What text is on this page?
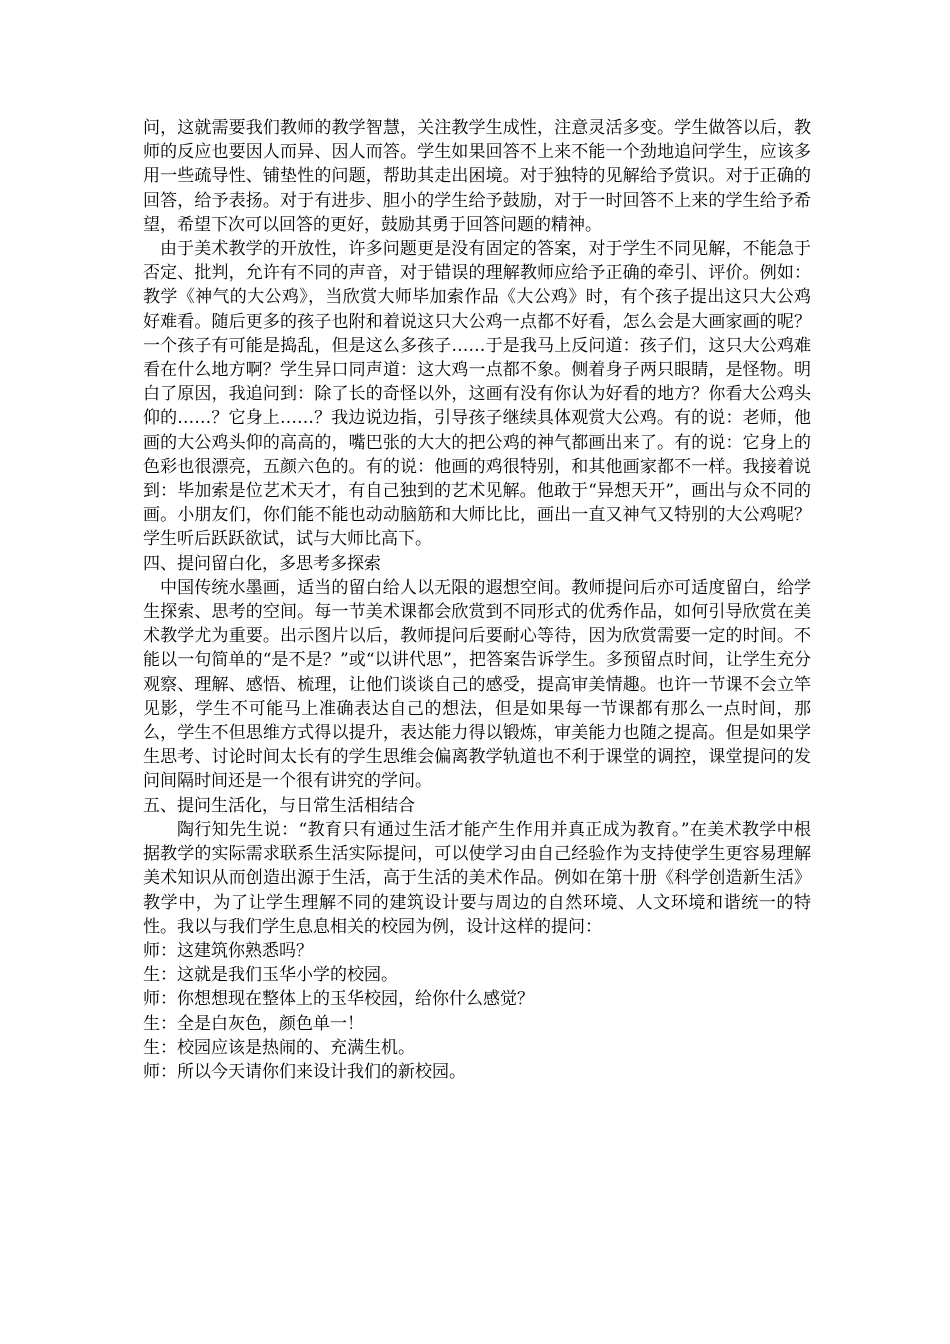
问，这就需要我们教师的教学智慧，关注教学生成性，注意灵活多变。学生做答以后，教师的反应也要因人而异、因人而答。学生如果回答不上来不能一个劲地追问学生，应该多用一些疏导性、铺垫性的问题，帮助其走出困境。对于独特的见解给予赏识。对于正确的回答，给予表扬。对于有进步、胆小的学生给予鼓励，对于一时回答不上来的学生给予希望，希望下次可以回答的更好，鼓励其勇于回答问题的精神。

由于美术教学的开放性，许多问题更是没有固定的答案，对于学生不同见解，不能急于否定、批判，允许有不同的声音，对于错误的理解教师应给予正确的牵引、评价。例如：教学《神气的大公鸡》，当欣赏大师毕加索作品《大公鸡》时，有个孩子提出这只大公鸡好难看。随后更多的孩子也附和着说这只大公鸡一点都不好看，怎么会是大画家画的呢？一个孩子有可能是捣乱，但是这么多孩子……于是我马上反问道：孩子们，这只大公鸡难看在什么地方啊？学生异口同声道：这大鸡一点都不象。侧着身子两只眼睛，是怪物。明白了原因，我追问到：除了长的奇怪以外，这画有没有你认为好看的地方？你看大公鸡头仰的……？它身上……？我边说边指，引导孩子继续具体观赏大公鸡。有的说：老师，他画的大公鸡头仰的高高的，嘴巴张的大大的把公鸡的神气都画出来了。有的说：它身上的色彩也很漂亮，五颜六色的。有的说：他画的鸡很特别，和其他画家都不一样。我接着说到：毕加索是位艺术天才，有自己独到的艺术见解。他敢于“异想天开”，画出与众不同的画。小朋友们，你们能不能也动动脑筋和大师比比，画出一直又神气又特别的大公鸡呢？学生听后跃跃欲试，试与大师比高下。

四、提问留白化，多思考多探索

中国传统水墨画，适当的留白给人以无限的遐想空间。教师提问后亦可适度留白，给学生探索、思考的空间。每一节美术课都会欣赏到不同形式的优秀作品，如何引导欣赏在美术教学尤为重要。出示图片以后，教师提问后要耐心等待，因为欣赏需要一定的时间。不能以一句简单的“是不是？”或“以讲代思”，把答案告诉学生。多预留点时间，让学生充分观察、理解、感悟、梳理，让他们谈谈自己的感受，提高审美情趣。也许一节课不会立竿见影，学生不可能马上准确表达自己的想法，但是如果每一节课都有那么一点时间，那么，学生不但思维方式得以提升，表达能力得以锻炼，审美能力也随之提高。但是如果学生思考、讨论时间太长有的学生思维会偏离教学轨道也不利于课堂的调控，课堂提问的发问间隔时间还是一个很有讲究的学问。

五、提问生活化，与日常生活相结合

陶行知先生说：“教育只有通过生活才能产生作用并真正成为教育。”在美术教学中根据教学的实际需求联系生活实际提问，可以使学习由自己经验作为支持使学生更容易理解美术知识从而创造出源于生活，高于生活的美术作品。例如在第十册《科学创造新生活》教学中，为了让学生理解不同的建筑设计要与周边的自然环境、人文环境和谐统一的特性。我以与我们学生息息相关的校园为例，设计这样的提问：

师：这建筑你熟悉吗？

生：这就是我们玉华小学的校园。

师：你想想现在整体上的玉华校园，给你什么感觉？

生：全是白灰色，颜色单一！

生：校园应该是热闹的、充满生机。

师：所以今天请你们来设计我们的新校园。
